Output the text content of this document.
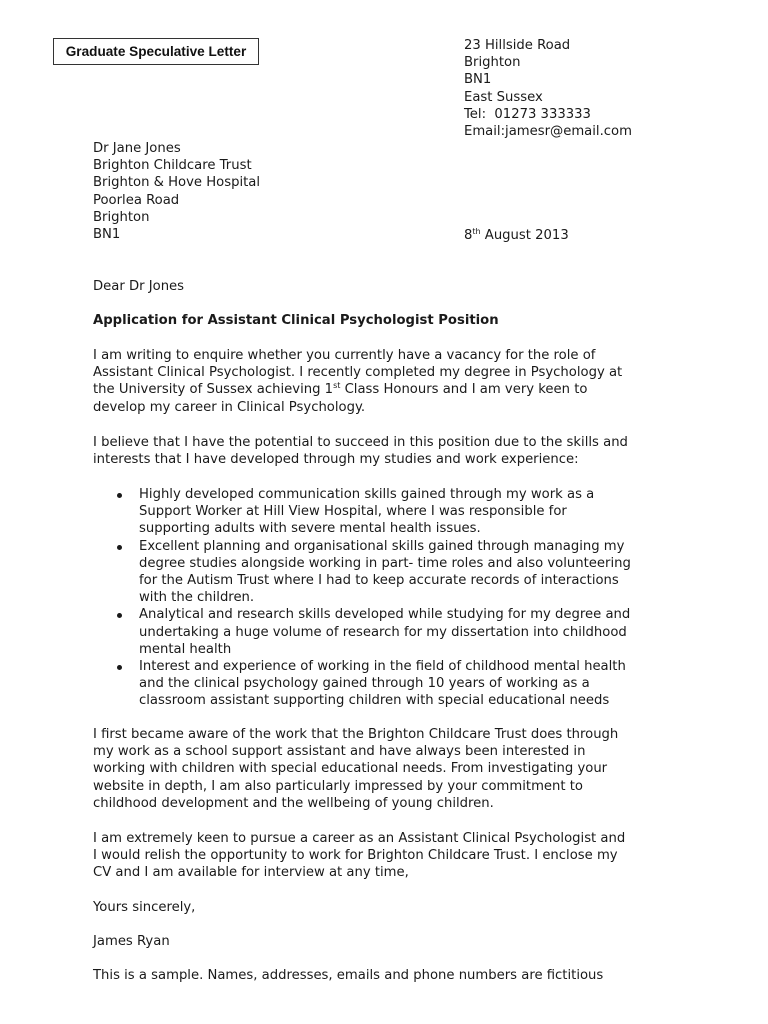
Graduate Speculative Letter	23 Hillside Road
Brighton
BN1
East Sussex
Tel:  01273 333333
Email:jamesr@email.com
Dr Jane Jones
Brighton Childcare Trust
Brighton & Hove Hospital
Poorlea Road
Brighton
BN1	8th August 2013
Dear Dr Jones
Application for Assistant Clinical Psychologist Position
I am writing to enquire whether you currently have a vacancy for the role of
Assistant Clinical Psychologist. I recently completed my degree in Psychology at
the University of Sussex achieving 1st Class Honours and I am very keen to
develop my career in Clinical Psychology.
I believe that I have the potential to succeed in this position due to the skills and
interests that I have developed through my studies and work experience:
Highly developed communication skills gained through my work as a
Support Worker at Hill View Hospital, where I was responsible for
supporting adults with severe mental health issues.
Excellent planning and organisational skills gained through managing my
degree studies alongside working in part- time roles and also volunteering
for the Autism Trust where I had to keep accurate records of interactions
with the children.
Analytical and research skills developed while studying for my degree and
undertaking a huge volume of research for my dissertation into childhood
mental health
Interest and experience of working in the field of childhood mental health
and the clinical psychology gained through 10 years of working as a
classroom assistant supporting children with special educational needs
I first became aware of the work that the Brighton Childcare Trust does through
my work as a school support assistant and have always been interested in
working with children with special educational needs. From investigating your
website in depth, I am also particularly impressed by your commitment to
childhood development and the wellbeing of young children.
I am extremely keen to pursue a career as an Assistant Clinical Psychologist and
I would relish the opportunity to work for Brighton Childcare Trust. I enclose my
CV and I am available for interview at any time,
Yours sincerely,
James Ryan
This is a sample. Names, addresses, emails and phone numbers are fictitious
